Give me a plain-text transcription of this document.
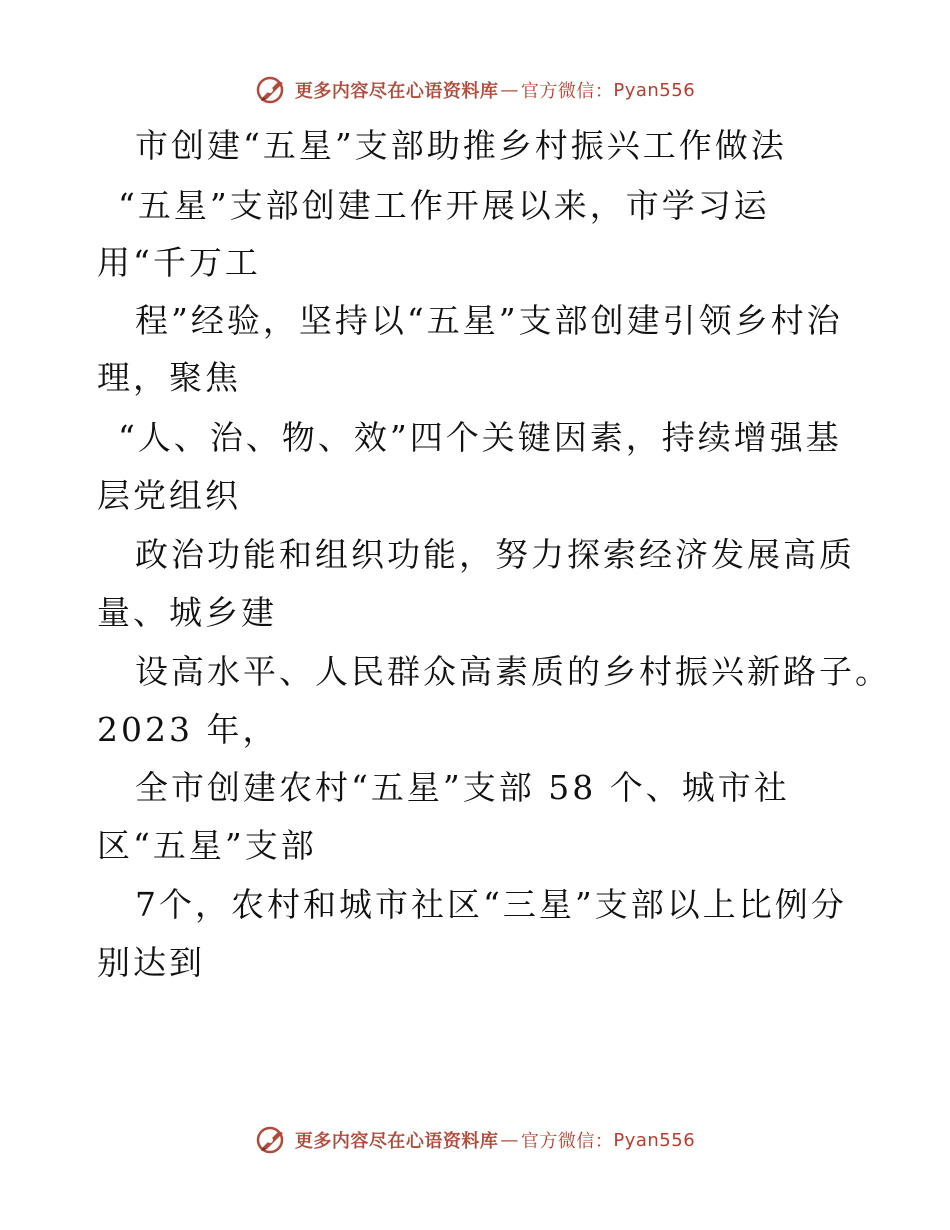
更多内容尽在心语资料库 — 官方微信： Pyan556
市创建“五星”支部助推乡村振兴工作做法
“五星”支部创建工作开展以来，市学习运
用“千万工
程”经验，坚持以“五星”支部创建引领乡村治
理，聚焦
“人、治、物、效”四个关键因素，持续增强基
层党组织
政治功能和组织功能，努力探索经济发展高质
量、城乡建
设高水平、人民群众高素质的乡村振兴新路子。
2023 年，
全市创建农村“五星”支部 58 个、城市社
区“五星”支部
7个，农村和城市社区“三星”支部以上比例分
别达到
更多内容尽在心语资料库 — 官方微信： Pyan556
